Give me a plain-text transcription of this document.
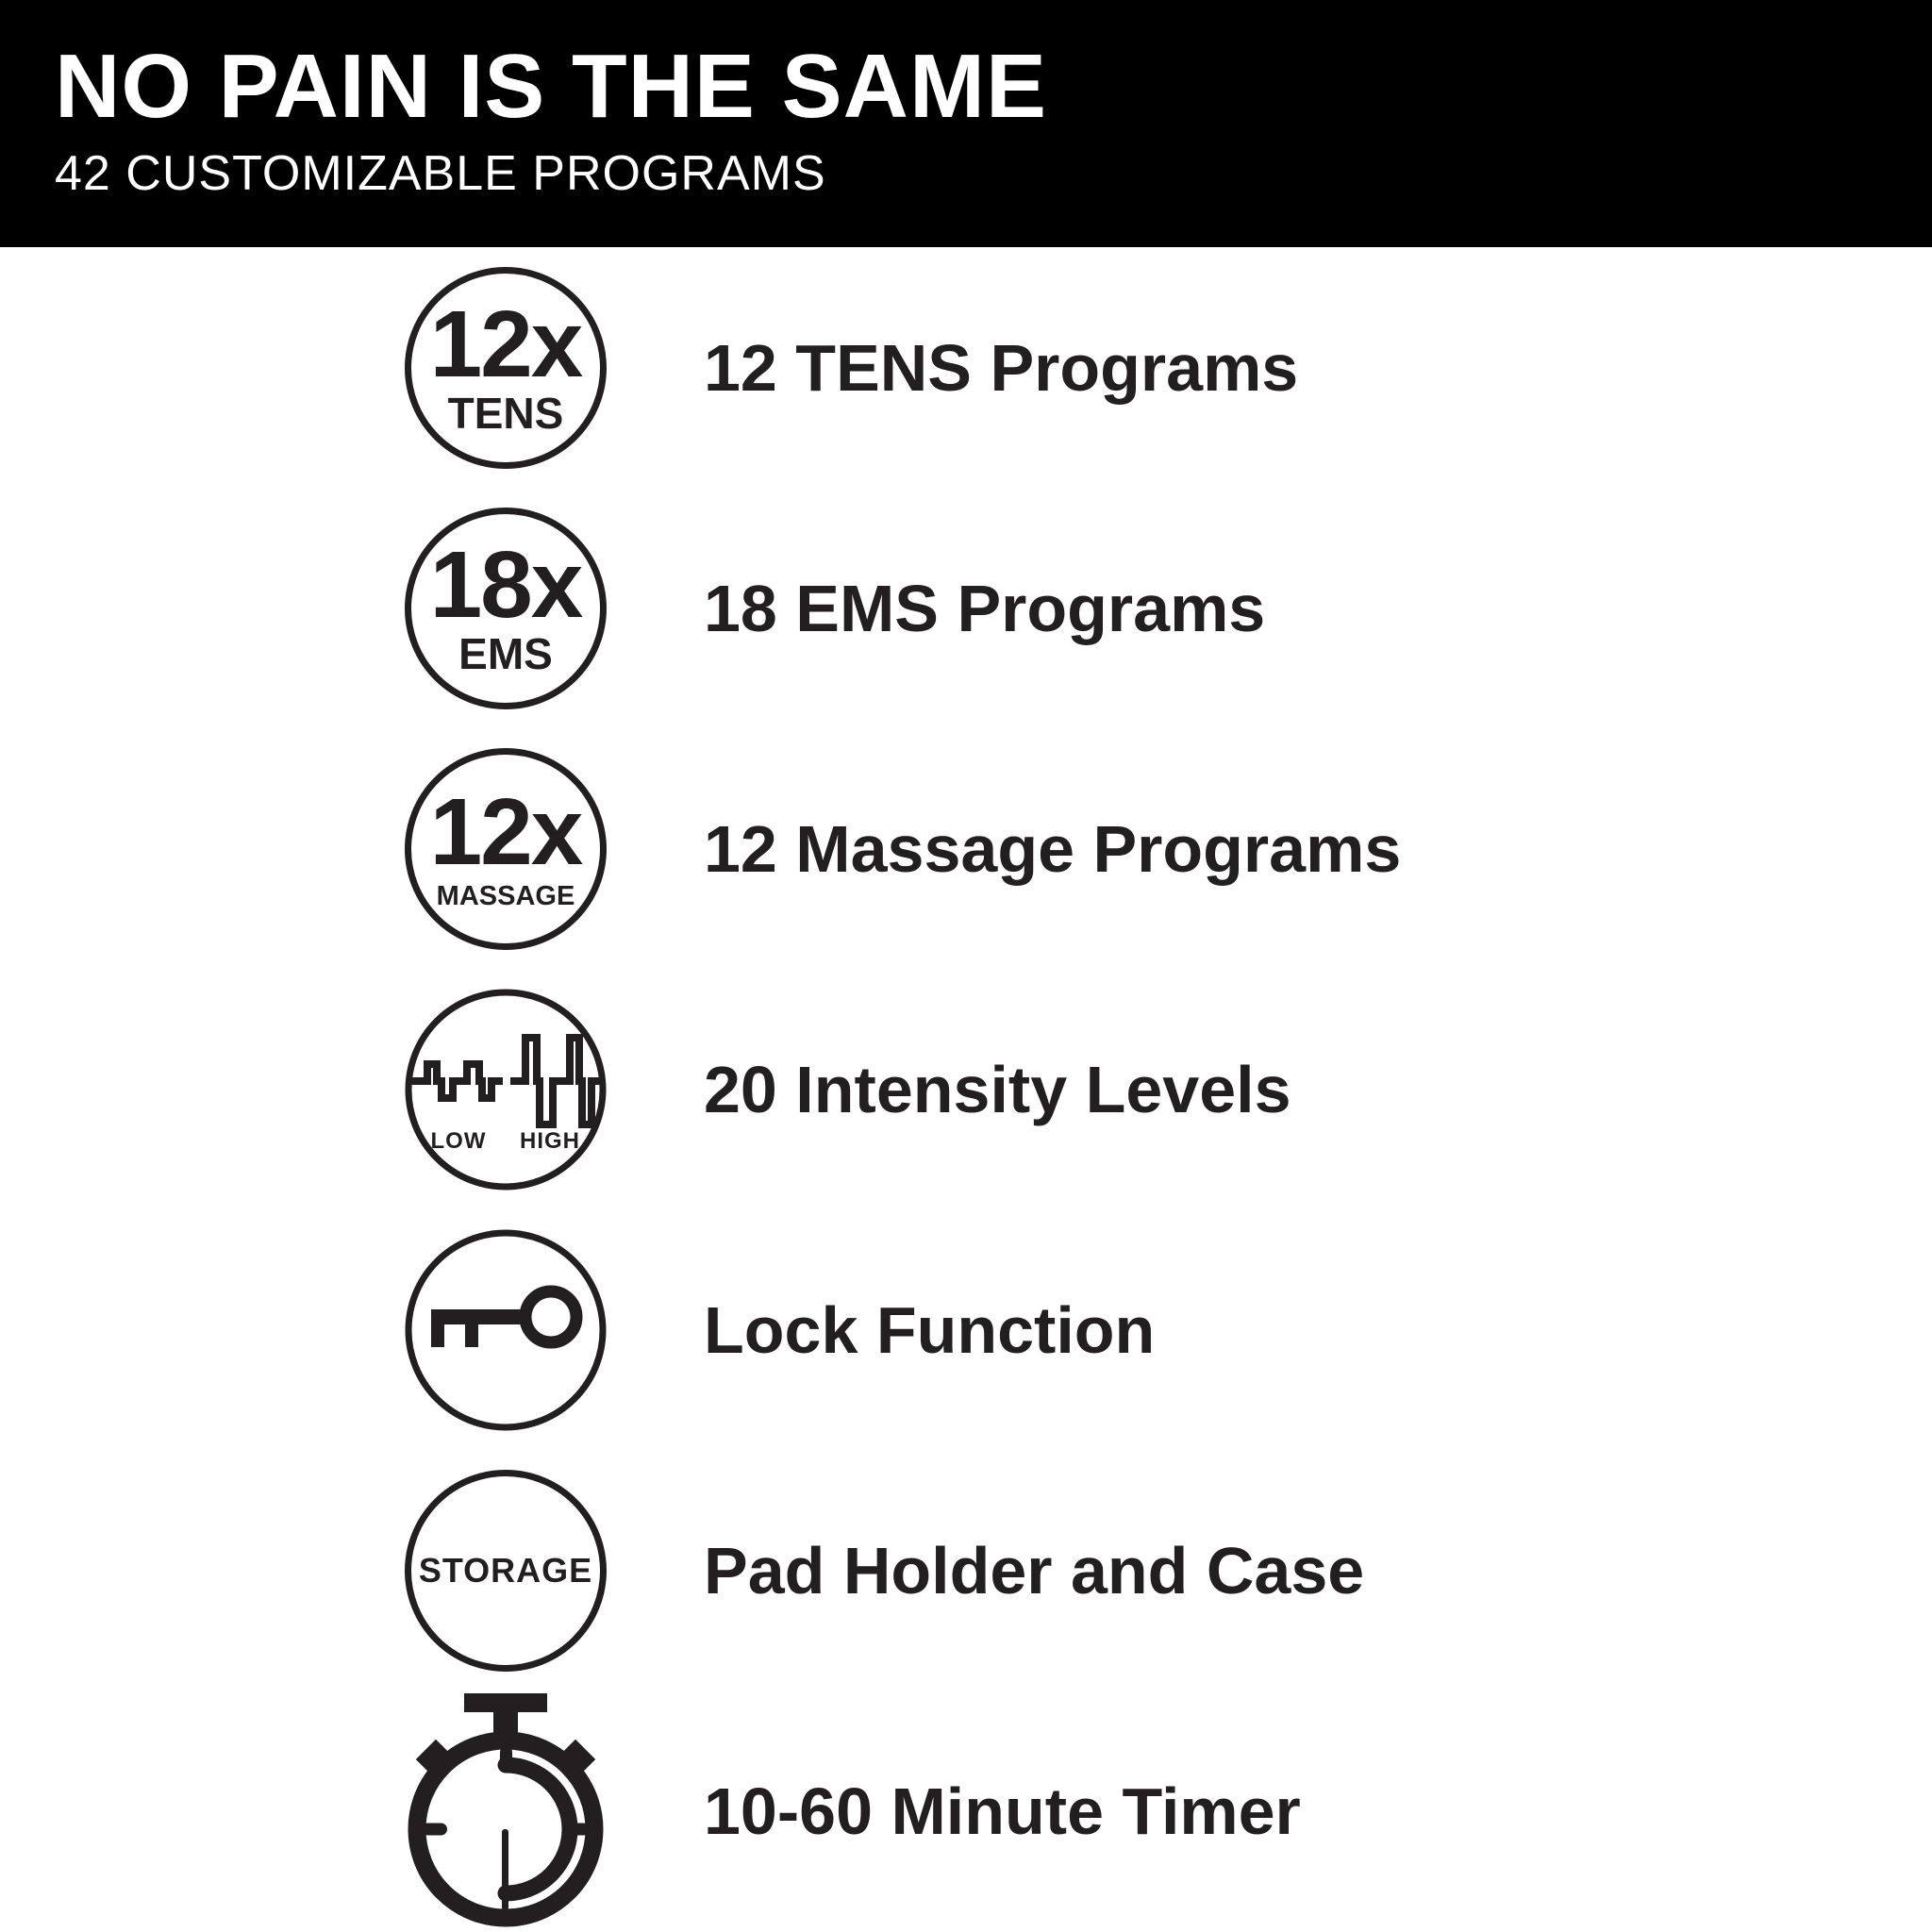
NO PAIN IS THE SAME
42 CUSTOMIZABLE PROGRAMS
12x
TENS
12 TENS Programs
18x
EMS
18 EMS Programs
12x
MASSAGE
12 Massage Programs
LOW HIGH
20 Intensity Levels
Lock Function
STORAGE Pad Holder and Case
10-60 Minute Timer
